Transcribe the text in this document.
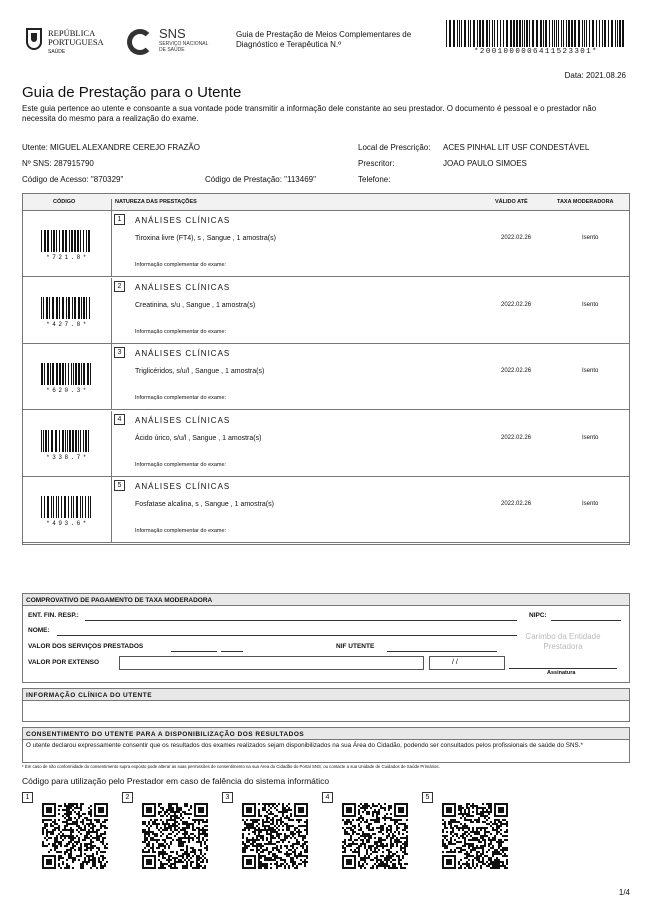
REPÚBLICA
PORTUGUESA
SAÚDE
SNS
SERVIÇO NACIONAL DE SAÚDE
Guia de Prestação de Meios Complementares de
Diagnóstico e Terapêutica N.º
*2001000006411523301*
Data: 2021.08.26
Guia de Prestação para o Utente
Este guia pertence ao utente e consoante a sua vontade pode transmitir a informação dele constante ao seu prestador. O documento é pessoal e o prestador não necessita do mesmo para a realização do exame.
Utente: MIGUEL ALEXANDRE CEREJO FRAZÃO
Nº SNS: 287915790
Código de Acesso: "870329"	Código de Prestação: "113469"
Local de Prescrição: ACES PINHAL LIT USF CONDESTÁVEL
Prescritor:	JOAO PAULO SIMOES
Telefone:
CÓDIGO	NATUREZA DAS PRESTAÇÕES	VÁLIDO ATÉ	TAXA MODERADORA
*721.8*
1	ANÁLISES CLÍNICAS
Tiroxina livre (FT4), s , Sangue , 1 amostra(s)
Informação complementar do exame:
2022.02.26	Isento
*427.8*
2	ANÁLISES CLÍNICAS
Creatinina, s/u , Sangue , 1 amostra(s)
Informação complementar do exame:
2022.02.26	Isento
*620.3*
3	ANÁLISES CLÍNICAS
Triglicéridos, s/u/l , Sangue , 1 amostra(s)
Informação complementar do exame:
2022.02.26	Isento
*338.7*
4	ANÁLISES CLÍNICAS
Ácido úrico, s/u/l , Sangue , 1 amostra(s)
Informação complementar do exame:
2022.02.26	Isento
*493.6*
5	ANÁLISES CLÍNICAS
Fosfatase alcalina, s , Sangue , 1 amostra(s)
Informação complementar do exame:
2022.02.26	Isento
COMPROVATIVO DE PAGAMENTO DE TAXA MODERADORA
ENT. FIN. RESP.:	NIPC:
NOME:
VALOR DOS SERVIÇOS PRESTADOS	NIF UTENTE
VALOR POR EXTENSO	/ /
Carimbo da Entidade Prestadora
Assinatura
INFORMAÇÃO CLÍNICA DO UTENTE
CONSENTIMENTO DO UTENTE PARA A DISPONIBILIZAÇÃO DOS RESULTADOS
O utente declarou expressamente consentir que os resultados dos exames realizados sejam disponibilizados na sua Área do Cidadão, podendo ser consultados pelos profissionais de saúde do SNS.*
* Em caso de não conformidade do consentimento supra exposto pode alterar as suas permissões de consentimento na sua Área do Cidadão do Portal SNS, ou contacte a sua Unidade de Cuidados de Saúde Primários.
Código para utilização pelo Prestador em caso de falência do sistema informático
1	2	3	4	5
1/4
